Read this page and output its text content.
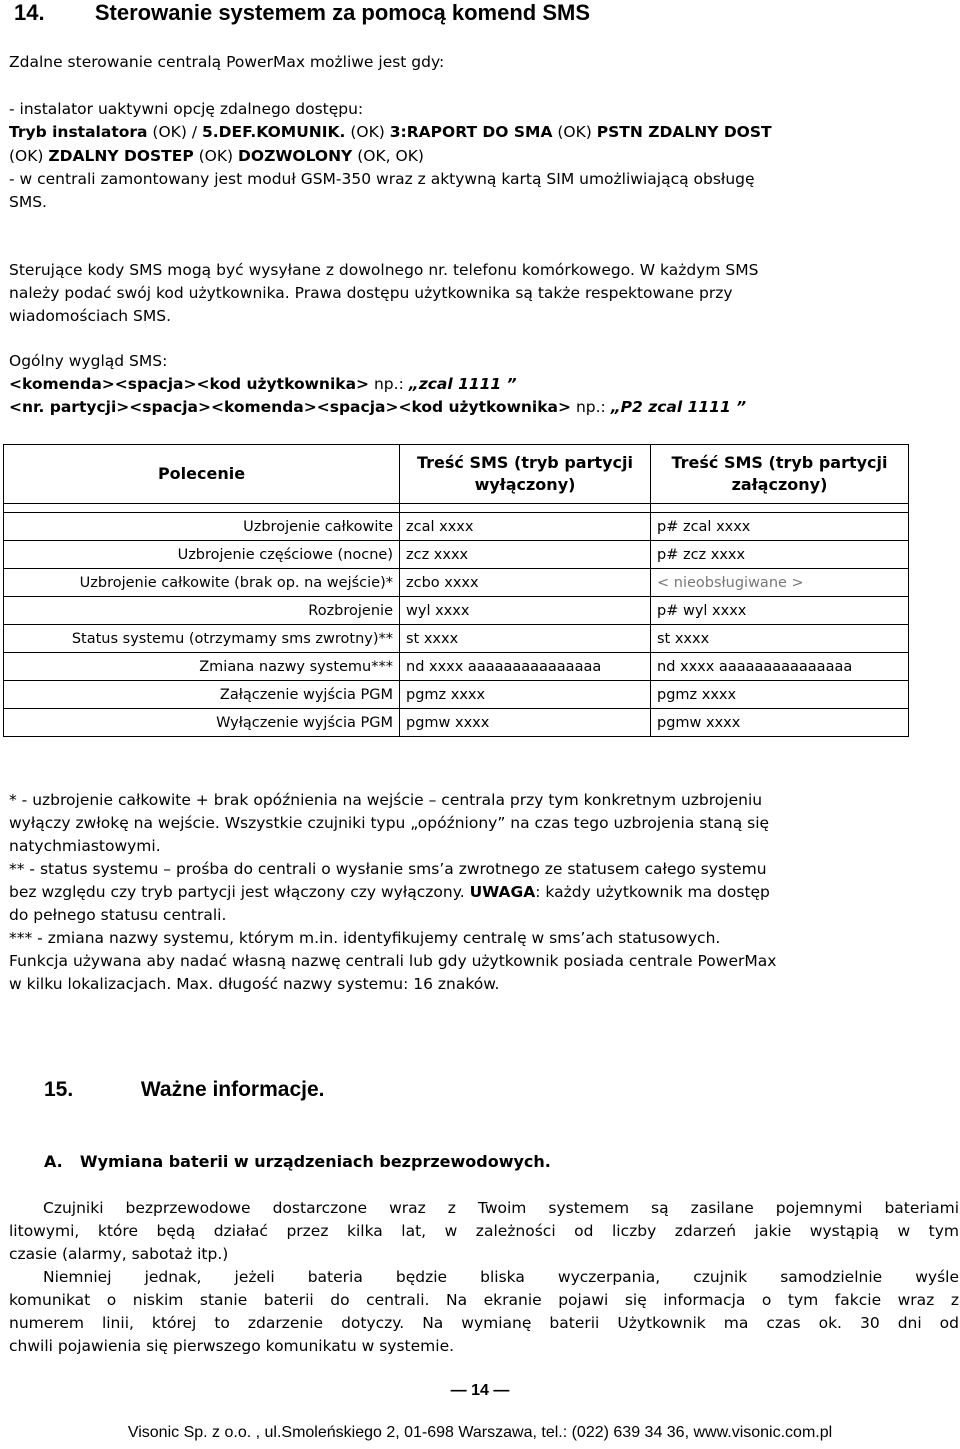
14. Sterowanie systemem za pomocą komend SMS
Zdalne sterowanie centralą PowerMax możliwe jest gdy:
- instalator uaktywni opcję zdalnego dostępu:
Tryb instalatora (OK) / 5.DEF.KOMUNIK. (OK) 3:RAPORT DO SMA (OK) PSTN ZDALNY DOST
(OK) ZDALNY DOSTEP (OK) DOZWOLONY (OK, OK)
- w centrali zamontowany jest moduł GSM-350 wraz z aktywną kartą SIM umożliwiającą obsługę
SMS.
Sterujące kody SMS mogą być wysyłane z dowolnego nr. telefonu komórkowego. W każdym SMS
należy podać swój kod użytkownika. Prawa dostępu użytkownika są także respektowane przy
wiadomościach SMS.
Ogólny wygląd SMS:
<komenda><spacja><kod użytkownika> np.: „zcal 1111 ”
<nr. partycji><spacja><komenda><spacja><kod użytkownika> np.: „P2 zcal 1111 ”
Polecenie	Treść SMS (tryb partycji wyłączony)	Treść SMS (tryb partycji załączony)

Uzbrojenie całkowite	zcal xxxx	p# zcal xxxx
Uzbrojenie częściowe (nocne)	zcz xxxx	p# zcz xxxx
Uzbrojenie całkowite (brak op. na wejście)*	zcbo xxxx	< nieobsługiwane >
Rozbrojenie	wyl xxxx	p# wyl xxxx
Status systemu (otrzymamy sms zwrotny)**	st xxxx	st xxxx
Zmiana nazwy systemu***	nd xxxx aaaaaaaaaaaaaaa	nd xxxx aaaaaaaaaaaaaaa
Załączenie wyjścia PGM	pgmz xxxx	pgmz xxxx
Wyłączenie wyjścia PGM	pgmw xxxx	pgmw xxxx
* - uzbrojenie całkowite + brak opóźnienia na wejście – centrala przy tym konkretnym uzbrojeniu
wyłączy zwłokę na wejście. Wszystkie czujniki typu „opóźniony” na czas tego uzbrojenia staną się
natychmiastowymi.
** - status systemu – prośba do centrali o wysłanie sms’a zwrotnego ze statusem całego systemu
bez względu czy tryb partycji jest włączony czy wyłączony. UWAGA: każdy użytkownik ma dostęp
do pełnego statusu centrali.
*** - zmiana nazwy systemu, którym m.in. identyfikujemy centralę w sms’ach statusowych.
Funkcja używana aby nadać własną nazwę centrali lub gdy użytkownik posiada centrale PowerMax
w kilku lokalizacjach. Max. długość nazwy systemu: 16 znaków.
15.	Ważne informacje.
A. Wymiana baterii w urządzeniach bezprzewodowych.
Czujniki bezprzewodowe dostarczone wraz z Twoim systemem są zasilane pojemnymi bateriami
litowymi, które będą działać przez kilka lat, w zależności od liczby zdarzeń jakie wystąpią w tym
czasie (alarmy, sabotaż itp.)
Niemniej jednak, jeżeli bateria będzie bliska wyczerpania, czujnik samodzielnie wyśle
komunikat o niskim stanie baterii do centrali. Na ekranie pojawi się informacja o tym fakcie wraz z
numerem linii, której to zdarzenie dotyczy. Na wymianę baterii Użytkownik ma czas ok. 30 dni od
chwili pojawienia się pierwszego komunikatu w systemie.
— 14 —
Visonic Sp. z o.o. , ul.Smoleńskiego 2, 01-698 Warszawa, tel.: (022) 639 34 36, www.visonic.com.pl
